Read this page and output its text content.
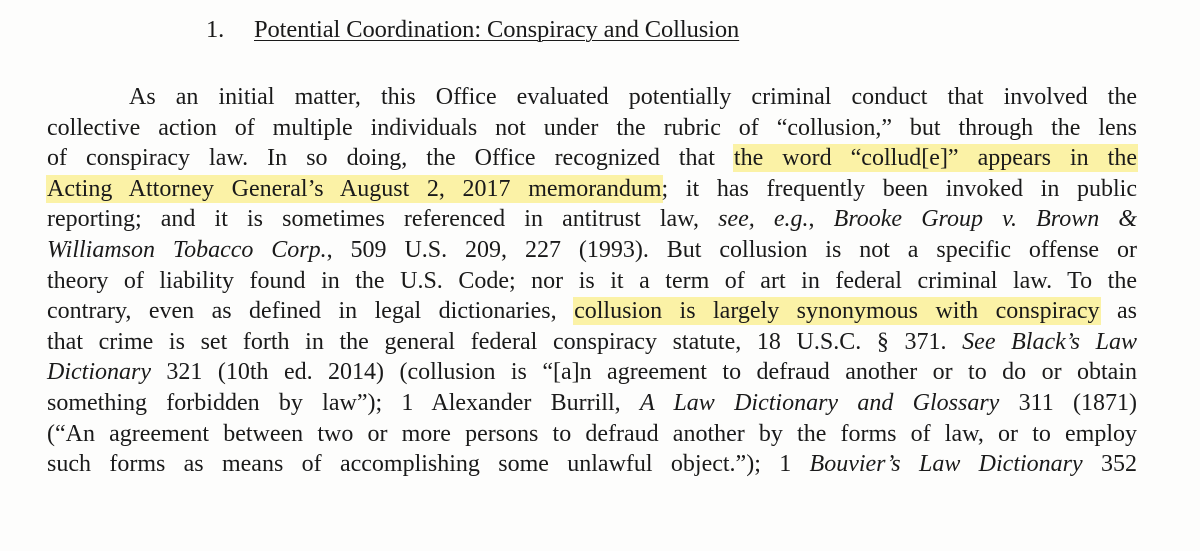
1. Potential Coordination: Conspiracy and Collusion
As an initial matter, this Office evaluated potentially criminal conduct that involved the
collective action of multiple individuals not under the rubric of “collusion,” but through the lens
of conspiracy law. In so doing, the Office recognized that the word “collud[e]” appears in the
Acting Attorney General’s August 2, 2017 memorandum; it has frequently been invoked in public
reporting; and it is sometimes referenced in antitrust law, see, e.g., Brooke Group v. Brown &
Williamson Tobacco Corp., 509 U.S. 209, 227 (1993). But collusion is not a specific offense or
theory of liability found in the U.S. Code; nor is it a term of art in federal criminal law. To the
contrary, even as defined in legal dictionaries, collusion is largely synonymous with conspiracy as
that crime is set forth in the general federal conspiracy statute, 18 U.S.C. § 371. See Black’s Law
Dictionary 321 (10th ed. 2014) (collusion is “[a]n agreement to defraud another or to do or obtain
something forbidden by law”); 1 Alexander Burrill, A Law Dictionary and Glossary 311 (1871)
(“An agreement between two or more persons to defraud another by the forms of law, or to employ
such forms as means of accomplishing some unlawful object.”); 1 Bouvier’s Law Dictionary 352
